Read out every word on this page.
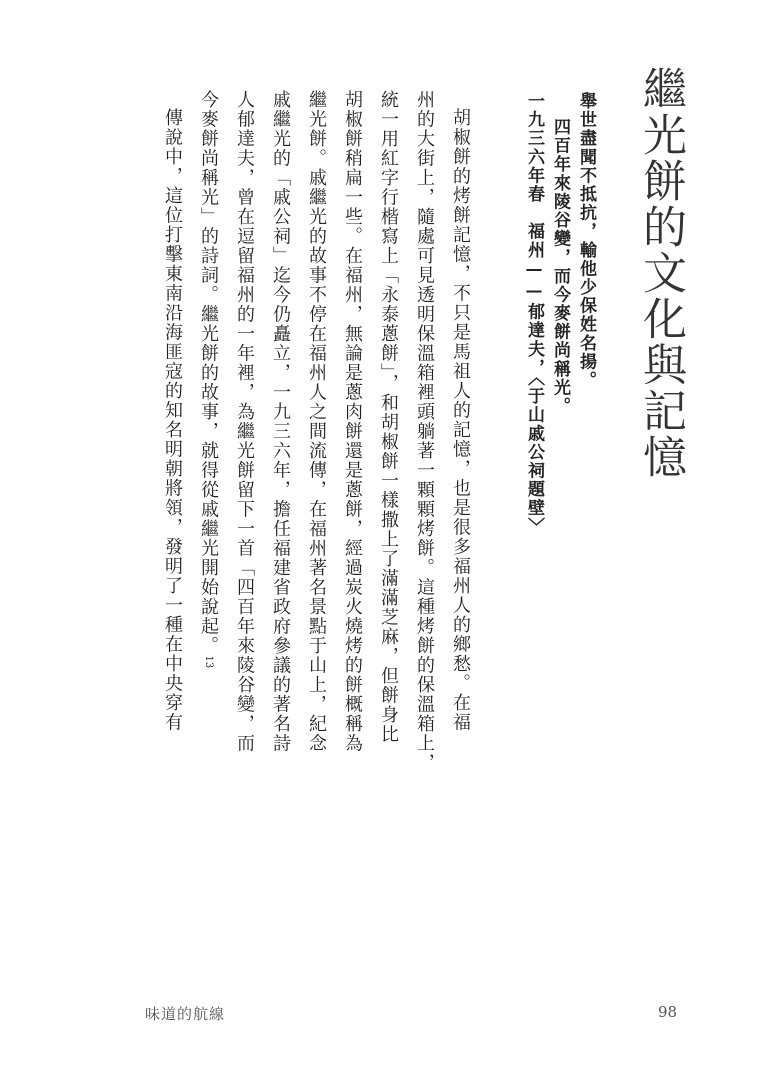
繼光餅的文化與記憶
舉世盡聞不抵抗，輸他少保姓名揚。
四百年來陵谷變，而今麥餅尚稱光。
一九三六年春　福州——郁達夫，〈于山戚公祠題壁〉
胡椒餅的烤餅記憶，不只是馬祖人的記憶，也是很多福州人的鄉愁。在福
州的大街上，隨處可見透明保溫箱裡頭躺著一顆顆烤餅。這種烤餅的保溫箱上，
統一用紅字行楷寫上「永泰蔥餅」，和胡椒餅一樣撒上了滿滿芝麻，但餅身比
胡椒餅稍扁一些。在福州，無論是蔥肉餅還是蔥餅，經過炭火燒烤的餅概稱為
繼光餅。戚繼光的故事不停在福州人之間流傳，在福州著名景點于山上，紀念
戚繼光的「戚公祠」迄今仍矗立，一九三六年，擔任福建省政府參議的著名詩
人郁達夫，曾在逗留福州的一年裡，為繼光餅留下一首「四百年來陵谷變，而
今麥餅尚稱光」的詩詞。繼光餅的故事，就得從戚繼光開始說起。13
傳說中，這位打擊東南沿海匪寇的知名明朝將領，發明了一種在中央穿有
味道的航線	98
